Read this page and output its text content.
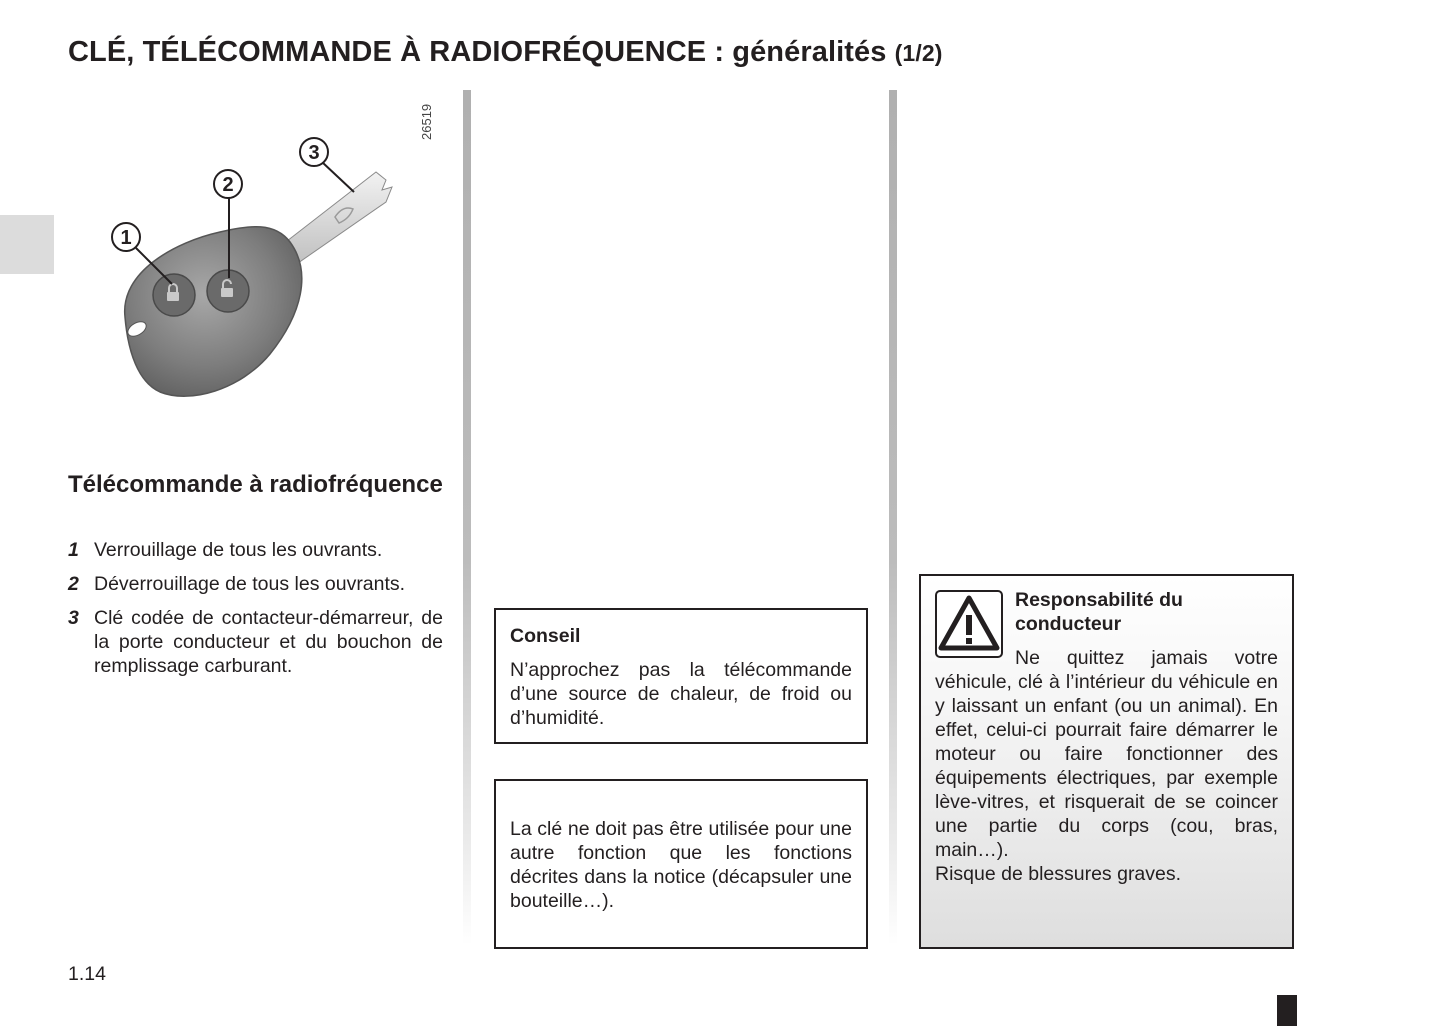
CLÉ, TÉLÉCOMMANDE À RADIOFRÉQUENCE : généralités (1/2)
26519
1
2
3
Télécommande à radiofréquence
1 Verrouillage de tous les ouvrants.
2 Déverrouillage de tous les ouvrants.
3 Clé codée de contacteur-démarreur, de la porte conducteur et du bouchon de remplissage carburant.
Conseil
N’approchez pas la télécommande d’une source de chaleur, de froid ou d’humidité.
La clé ne doit pas être utilisée pour une autre fonction que les fonctions décrites dans la notice (décapsuler une bouteille…).
Responsabilité du conducteur
Ne quittez jamais votre véhicule, clé à l’intérieur du véhicule en y laissant un enfant (ou un animal). En effet, celui-ci pourrait faire démarrer le moteur ou faire fonctionner des équipements électriques, par exemple lève-vitres, et risquerait de se coincer une partie du corps (cou, bras, main…).
Risque de blessures graves.
1.14
